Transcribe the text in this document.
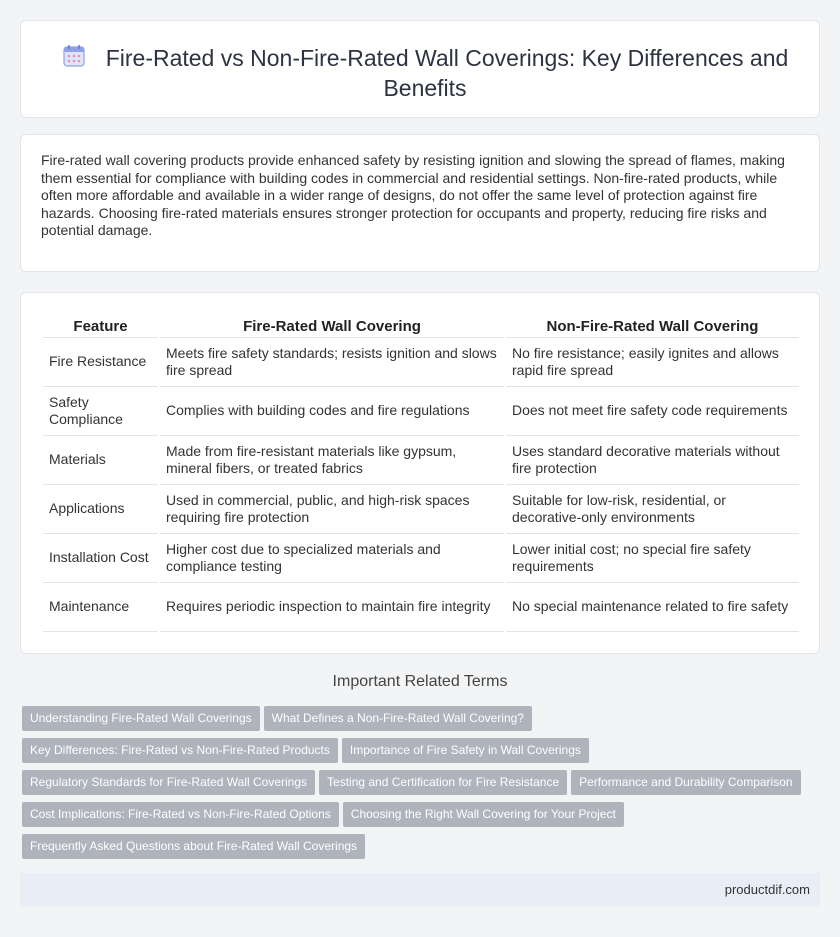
Fire-Rated vs Non-Fire-Rated Wall Coverings: Key Differences and Benefits

Fire-rated wall covering products provide enhanced safety by resisting ignition and slowing the spread of flames, making them essential for compliance with building codes in commercial and residential settings. Non-fire-rated products, while often more affordable and available in a wider range of designs, do not offer the same level of protection against fire hazards. Choosing fire-rated materials ensures stronger protection for occupants and property, reducing fire risks and potential damage.

Feature	Fire-Rated Wall Covering	Non-Fire-Rated Wall Covering
Fire Resistance	Meets fire safety standards; resists ignition and slows fire spread	No fire resistance; easily ignites and allows rapid fire spread
Safety Compliance	Complies with building codes and fire regulations	Does not meet fire safety code requirements
Materials	Made from fire-resistant materials like gypsum, mineral fibers, or treated fabrics	Uses standard decorative materials without fire protection
Applications	Used in commercial, public, and high-risk spaces requiring fire protection	Suitable for low-risk, residential, or decorative-only environments
Installation Cost	Higher cost due to specialized materials and compliance testing	Lower initial cost; no special fire safety requirements
Maintenance	Requires periodic inspection to maintain fire integrity	No special maintenance related to fire safety
Important Related Terms
Understanding Fire-Rated Wall Coverings What Defines a Non-Fire-Rated Wall Covering?
Key Differences: Fire-Rated vs Non-Fire-Rated Products Importance of Fire Safety in Wall Coverings
Regulatory Standards for Fire-Rated Wall Coverings Testing and Certification for Fire Resistance Performance and Durability Comparison
Cost Implications: Fire-Rated vs Non-Fire-Rated Options Choosing the Right Wall Covering for Your Project
Frequently Asked Questions about Fire-Rated Wall Coverings
productdif.com
